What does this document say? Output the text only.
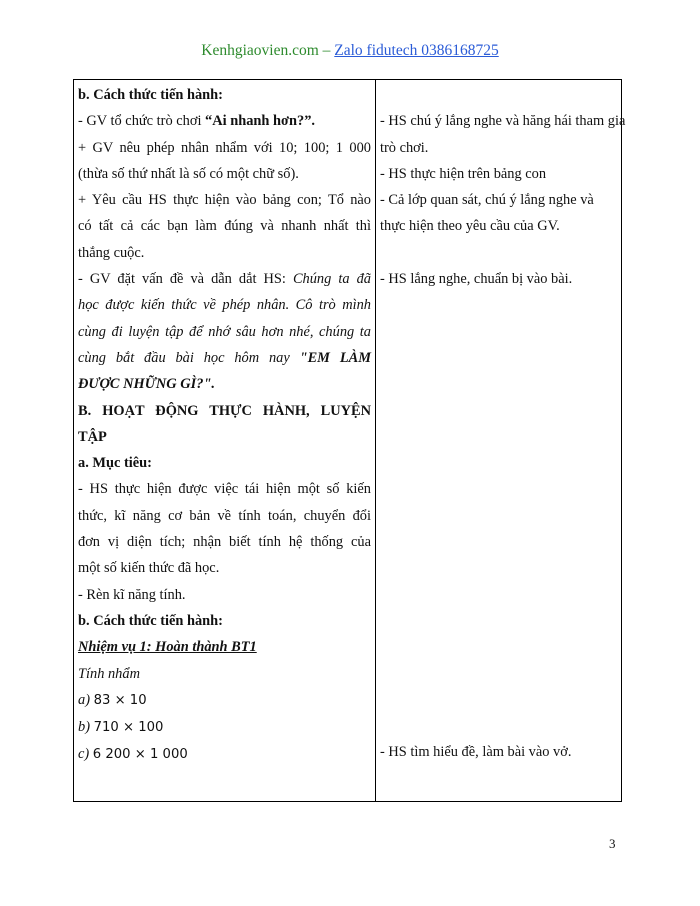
Kenhgiaovien.com – Zalo fidutech 0386168725
b. Cách thức tiến hành:
- GV tổ chức trò chơi “Ai nhanh hơn?”.
+ GV nêu phép nhân nhẩm với 10; 100; 1 000
(thừa số thứ nhất là số có một chữ số).
+ Yêu cầu HS thực hiện vào bảng con; Tổ nào
có tất cả các bạn làm đúng và nhanh nhất thì
thắng cuộc.
- GV đặt vấn đề và dẫn dắt HS: Chúng ta đã
học được kiến thức về phép nhân. Cô trò mình
cùng đi luyện tập để nhớ sâu hơn nhé, chúng ta
cùng bắt đầu bài học hôm nay "EM LÀM
ĐƯỢC NHỮNG GÌ?".
B. HOẠT ĐỘNG THỰC HÀNH, LUYỆN
TẬP
a. Mục tiêu:
- HS thực hiện được việc tái hiện một số kiến
thức, kĩ năng cơ bản về tính toán, chuyển đổi
đơn vị diện tích; nhận biết tính hệ thống của
một số kiến thức đã học.
- Rèn kĩ năng tính.
b. Cách thức tiến hành:
Nhiệm vụ 1: Hoàn thành BT1
Tính nhẩm
a) 83 × 10
b) 710 × 100
c) 6 200 × 1 000
- HS chú ý lắng nghe và hăng hái tham gia
trò chơi.
- HS thực hiện trên bảng con
- Cả lớp quan sát, chú ý lắng nghe và
thực hiện theo yêu cầu của GV.
- HS lắng nghe, chuẩn bị vào bài.
- HS tìm hiểu đề, làm bài vào vở.
3
